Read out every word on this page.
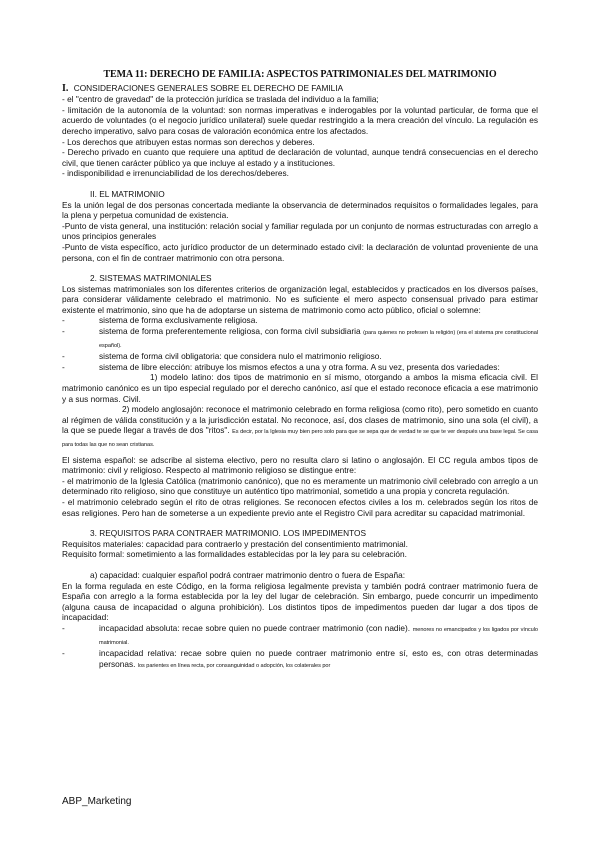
TEMA 11: DERECHO DE FAMILIA: ASPECTOS PATRIMONIALES DEL MATRIMONIO
I. CONSIDERACIONES GENERALES SOBRE EL DERECHO DE FAMILIA

- el "centro de gravedad" de la protección jurídica se traslada del individuo a la familia;

- limitación de la autonomía de la voluntad: son normas imperativas e inderogables por la voluntad particular, de forma que el acuerdo de voluntades (o el negocio jurídico unilateral) suele quedar restringido a la mera creación del vínculo. La regulación es derecho imperativo, salvo para cosas de valoración económica entre los afectados.

- Los derechos que atribuyen estas normas son derechos y deberes.

- Derecho privado en cuanto que requiere una aptitud de declaración de voluntad, aunque tendrá consecuencias en el derecho civil, que tienen carácter público ya que incluye al estado y a instituciones.

- indisponibilidad e irrenunciabilidad de los derechos/deberes.

II. EL MATRIMONIO

Es la unión legal de dos personas concertada mediante la observancia de determinados requisitos o formalidades legales, para la plena y perpetua comunidad de existencia.

-Punto de vista general, una institución: relación social y familiar regulada por un conjunto de normas estructuradas con arreglo a unos principios generales

-Punto de vista específico, acto jurídico productor de un determinado estado civil: la declaración de voluntad proveniente de una persona, con el fin de contraer matrimonio con otra persona.

2. SISTEMAS MATRIMONIALES

Los sistemas matrimoniales son los diferentes criterios de organización legal, establecidos y practicados en los diversos países, para considerar válidamente celebrado el matrimonio. No es suficiente el mero aspecto consensual privado para estimar existente el matrimonio, sino que ha de adoptarse un sistema de matrimonio como acto público, oficial o solemne:

- sistema de forma exclusivamente religiosa.
- sistema de forma preferentemente religiosa, con forma civil subsidiaria (para quienes no profesen la religión) (era el sistema pre constitucional español).
- sistema de forma civil obligatoria: que considera nulo el matrimonio religioso.
- sistema de libre elección: atribuye los mismos efectos a una y otra forma. A su vez, presenta dos variedades:

1) modelo latino: dos tipos de matrimonio en sí mismo, otorgando a ambos la misma eficacia civil. El matrimonio canónico es un tipo especial regulado por el derecho canónico, así que el estado reconoce eficacia a ese matrimonio y a sus normas. Civil.

2) modelo anglosajón: reconoce el matrimonio celebrado en forma religiosa (como rito), pero sometido en cuanto al régimen de válida constitución y a la jurisdicción estatal. No reconoce, así, dos clases de matrimonio, sino una sola (el civil), a la que se puede llegar a través de dos "ritos". Es decir, por la Iglesia muy bien pero solo para que se sepa que de verdad te se que te ver después una base legal. Se casa para todas las que no sean cristianas.

El sistema español: se adscribe al sistema electivo, pero no resulta claro si latino o anglosajón. El CC regula ambos tipos de matrimonio: civil y religioso. Respecto al matrimonio religioso se distingue entre:

- el matrimonio de la Iglesia Católica (matrimonio canónico), que no es meramente un matrimonio civil celebrado con arreglo a un determinado rito religioso, sino que constituye un auténtico tipo matrimonial, sometido a una propia y concreta regulación.

- el matrimonio celebrado según el rito de otras religiones. Se reconocen efectos civiles a los m. celebrados según los ritos de esas religiones. Pero han de someterse a un expediente previo ante el Registro Civil para acreditar su capacidad matrimonial.

3. REQUISITOS PARA CONTRAER MATRIMONIO. LOS IMPEDIMENTOS

Requisitos materiales: capacidad para contraerlo y prestación del consentimiento matrimonial.

Requisito formal: sometimiento a las formalidades establecidas por la ley para su celebración.

a) capacidad: cualquier español podrá contraer matrimonio dentro o fuera de España:

En la forma regulada en este Código, en la forma religiosa legalmente prevista y también podrá contraer matrimonio fuera de España con arreglo a la forma establecida por la ley del lugar de celebración. Sin embargo, puede concurrir un impedimento (alguna causa de incapacidad o alguna prohibición). Los distintos tipos de impedimentos pueden dar lugar a dos tipos de incapacidad:

- incapacidad absoluta: recae sobre quien no puede contraer matrimonio (con nadie). menores no emancipados y los ligados por vínculo matrimonial.
- incapacidad relativa: recae sobre quien no puede contraer matrimonio entre sí, esto es, con otras determinadas personas. los parientes en línea recta, por consanguinidad o adopción, los colaterales por
ABP_Marketing
